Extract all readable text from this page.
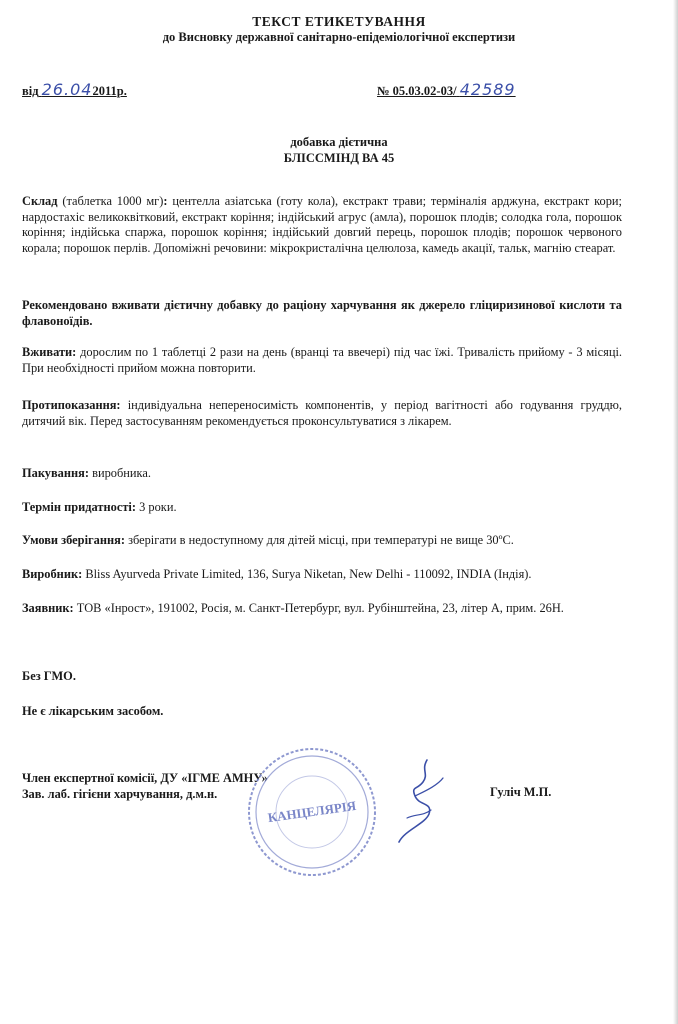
ТЕКСТ ЕТИКЕТУВАННЯ
до Висновку державної санітарно-епідеміологічної експертизи
від 26.042011р.	№ 05.03.02-03/ 42589
добавка дієтична
БЛІССМІНД ВА 45
Склад (таблетка 1000 мг): центелла азіатська (готу кола), екстракт трави; терміналія арджуна, екстракт кори; нардостахіс великоквітковий, екстракт коріння; індійський агрус (амла), порошок плодів; солодка гола, порошок коріння; індійська спаржа, порошок коріння; індійський довгий перець, порошок плодів; порошок червоного корала; порошок перлів. Допоміжні речовини: мікрокристалічна целюлоза, камедь акації, тальк, магнію стеарат.
Рекомендовано вживати дієтичну добавку до раціону харчування як джерело гліциризинової кислоти та флавоноїдів.
Вживати: дорослим по 1 таблетці 2 рази на день (вранці та ввечері) під час їжі. Тривалість прийому - 3 місяці. При необхідності прийом можна повторити.
Протипоказання: індивідуальна непереносимість компонентів, у період вагітності або годування груддю, дитячий вік. Перед застосуванням рекомендується проконсультуватися з лікарем.
Пакування: виробника.
Термін придатності: 3 роки.
Умови зберігання: зберігати в недоступному для дітей місці, при температурі не вище 30ºС.
Виробник: Bliss Ayurveda Private Limited, 136, Surya Niketan, New Delhi - 110092, INDIA (Індія).
Заявник: ТОВ «Інрост», 191002, Росія, м. Санкт-Петербург, вул. Рубінштейна, 23, літер А, прим. 26Н.
Без ГМО.
Не є лікарським засобом.
Член експертної комісії, ДУ «ІГМЕ АМНУ»
Зав. лаб. гігієни харчування, д.м.н.	Гуліч М.П.
КАНЦЕЛЯРІЯ
